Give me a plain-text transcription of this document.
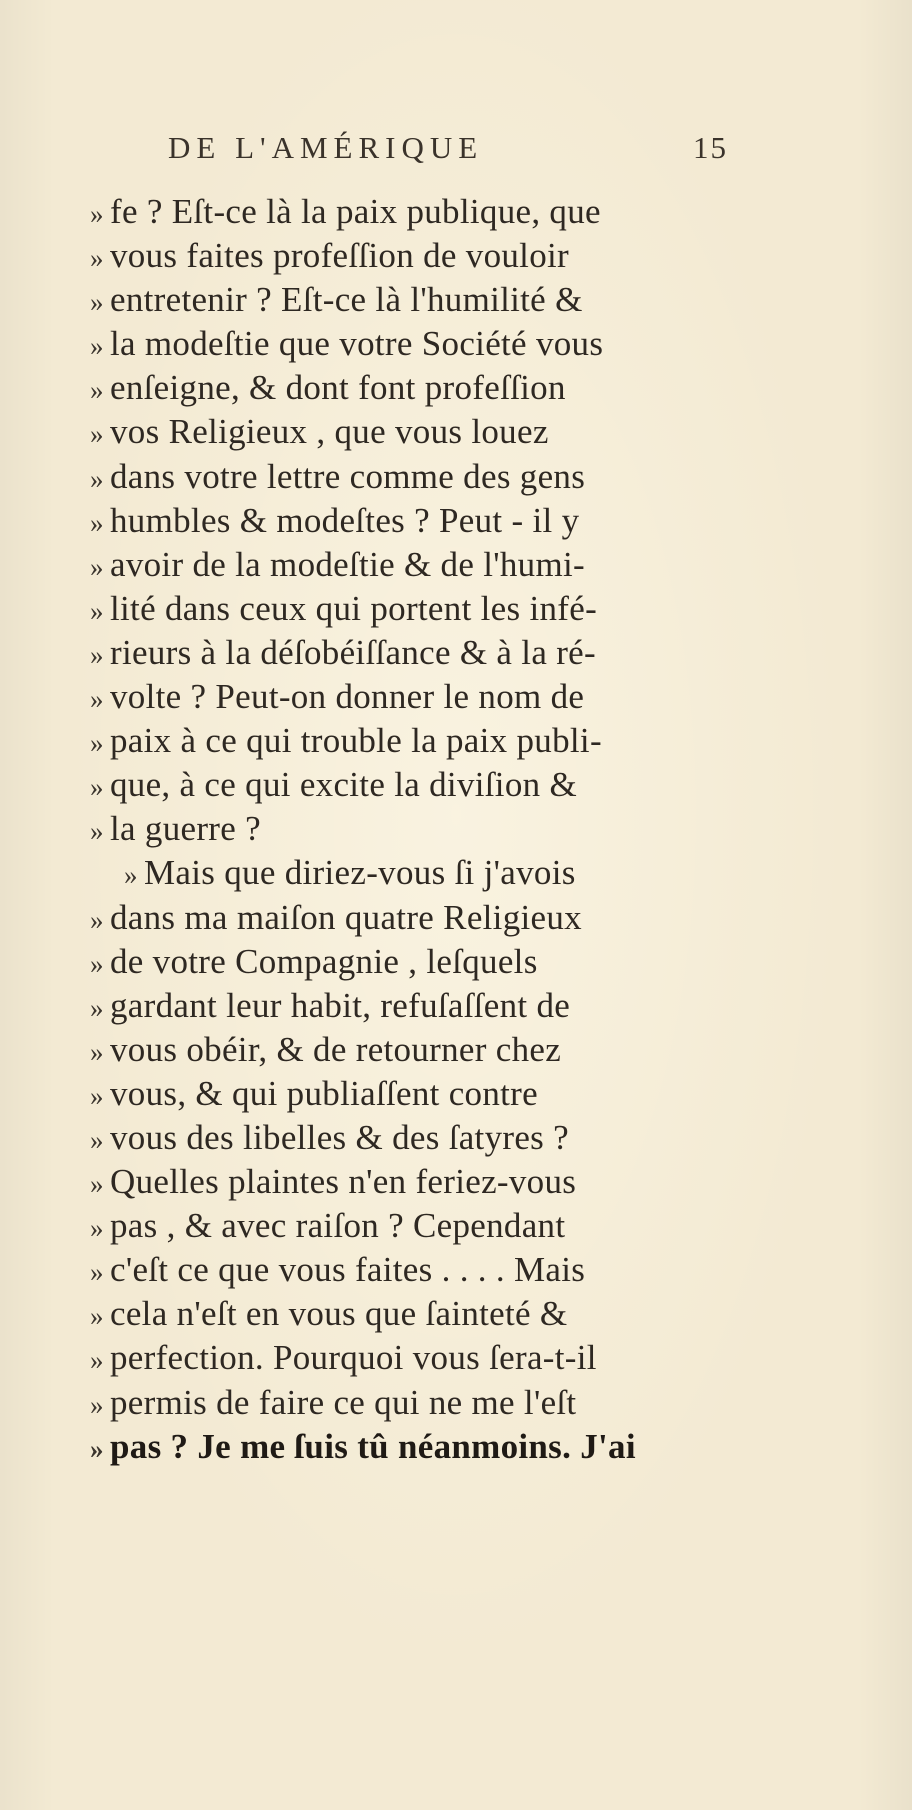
DE L'AMÉRIQUE	15
» fe ? Eſt-ce là la paix publique, que
» vous faites profeſſion de vouloir
» entretenir ? Eſt-ce là l'humilité &
» la modeſtie que votre Société vous
» enſeigne, & dont font profeſſion
» vos Religieux , que vous louez
» dans votre lettre comme des gens
» humbles & modeſtes ? Peut - il y
» avoir de la modeſtie & de l'humi-
» lité dans ceux qui portent les infé-
» rieurs à la déſobéiſſance & à la ré-
» volte ? Peut-on donner le nom de
» paix à ce qui trouble la paix publi-
» que, à ce qui excite la diviſion &
» la guerre ?
» Mais que diriez-vous ſi j'avois
» dans ma maiſon quatre Religieux
» de votre Compagnie , leſquels
» gardant leur habit, refuſaſſent de
» vous obéir, & de retourner chez
» vous, & qui publiaſſent contre
» vous des libelles & des ſatyres ?
» Quelles plaintes n'en feriez-vous
» pas , & avec raiſon ? Cependant
» c'eſt ce que vous faites . . . . Mais
» cela n'eſt en vous que ſainteté &
» perfection. Pourquoi vous ſera-t-il
» permis de faire ce qui ne me l'eſt
» pas ? Je me ſuis tû néanmoins. J'ai
